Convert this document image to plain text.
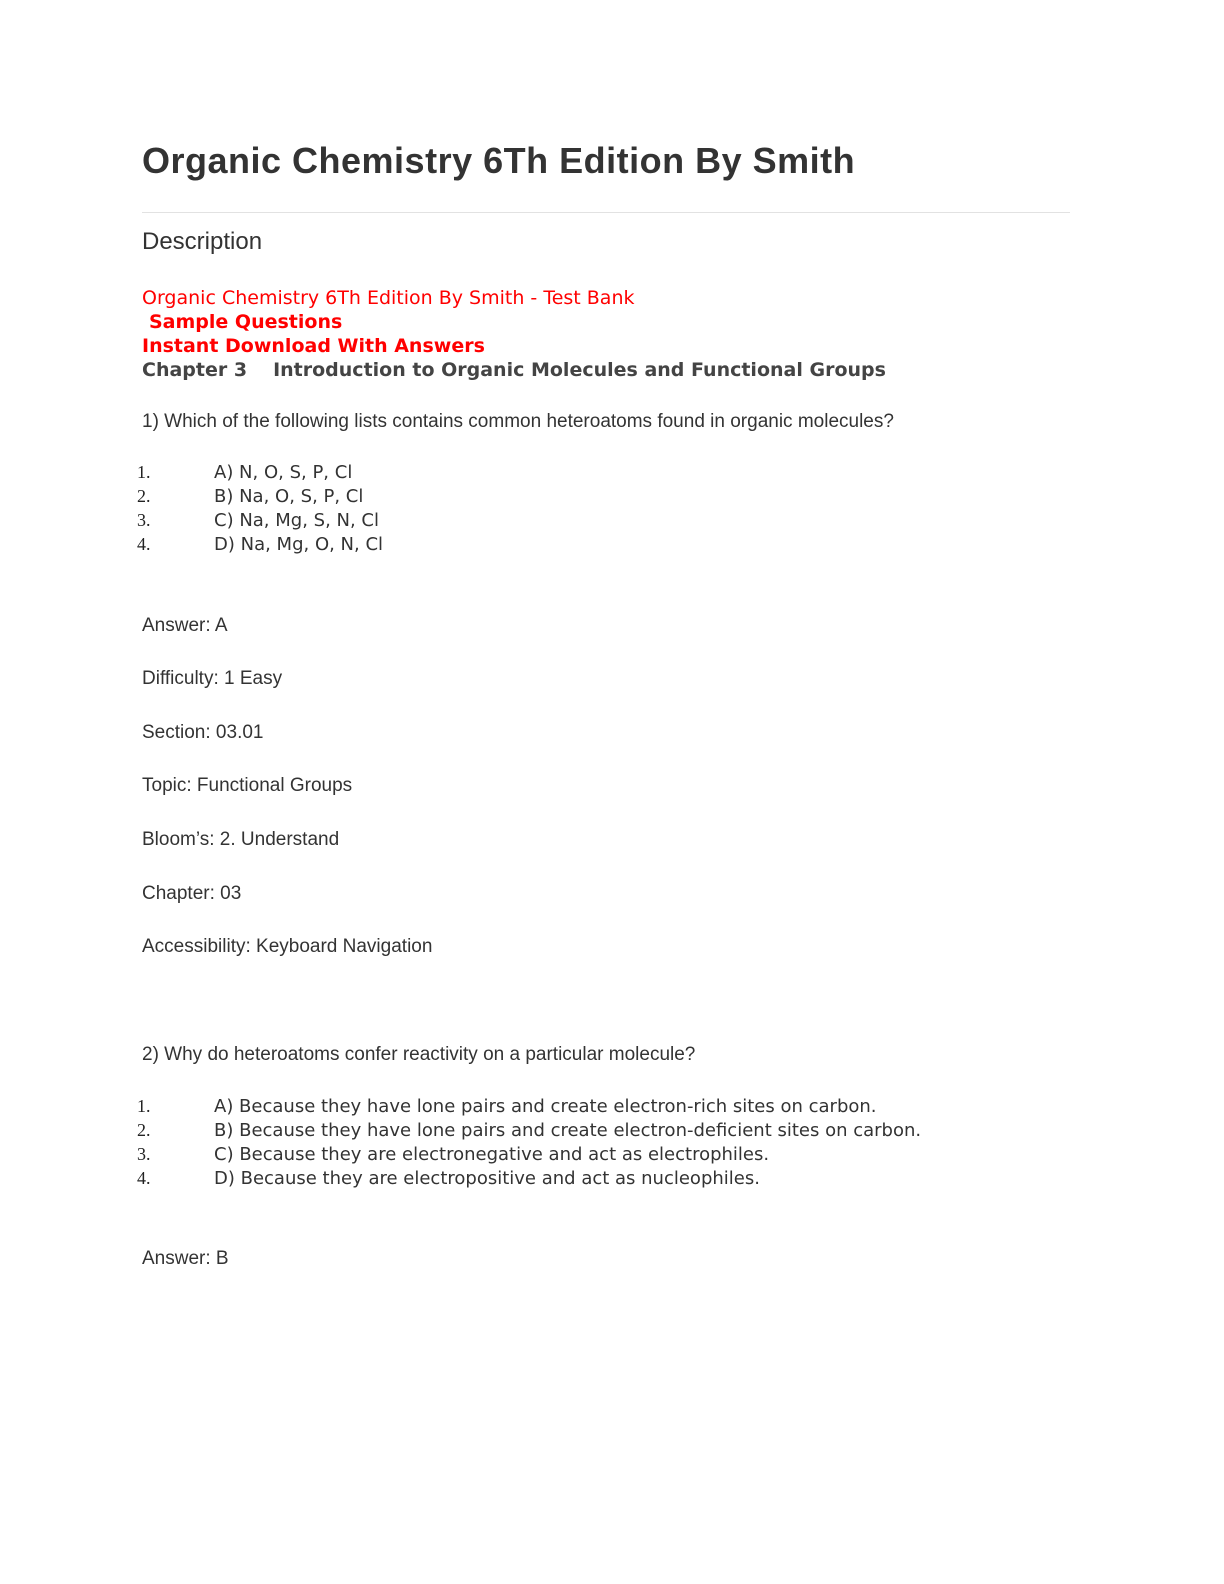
Organic Chemistry 6Th Edition By Smith
Description
Organic Chemistry 6Th Edition By Smith - Test Bank
Sample Questions
Instant Download With Answers
Chapter 3 Introduction to Organic Molecules and Functional Groups
1) Which of the following lists contains common heteroatoms found in organic molecules?
1.	A) N, O, S, P, Cl
2.	B) Na, O, S, P, Cl
3.	C) Na, Mg, S, N, Cl
4.	D) Na, Mg, O, N, Cl
Answer: A
Difficulty: 1 Easy
Section: 03.01
Topic: Functional Groups
Bloom’s: 2. Understand
Chapter: 03
Accessibility: Keyboard Navigation
2) Why do heteroatoms confer reactivity on a particular molecule?
1.	A) Because they have lone pairs and create electron-rich sites on carbon.
2.	B) Because they have lone pairs and create electron-deficient sites on carbon.
3.	C) Because they are electronegative and act as electrophiles.
4.	D) Because they are electropositive and act as nucleophiles.
Answer: B
